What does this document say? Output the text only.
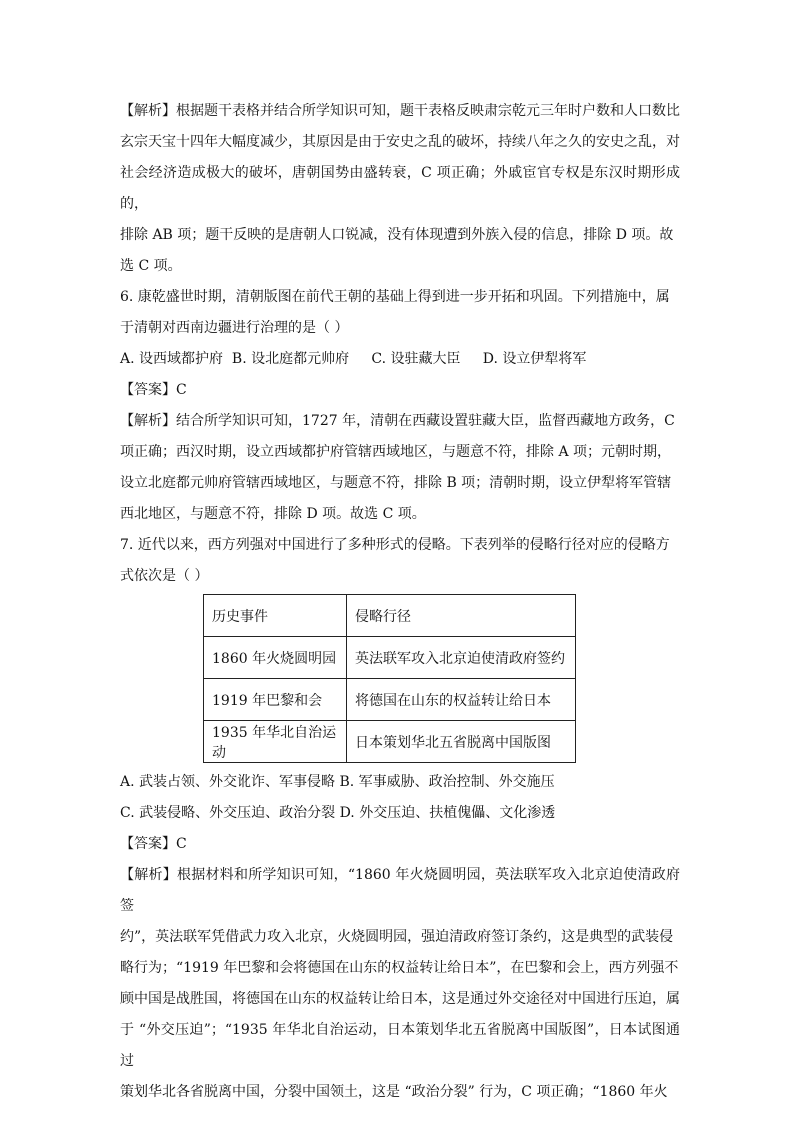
【解析】根据题干表格并结合所学知识可知，题干表格反映肃宗乾元三年时户数和人口数比

玄宗天宝十四年大幅度减少，其原因是由于安史之乱的破坏，持续八年之久的安史之乱，对

社会经济造成极大的破坏，唐朝国势由盛转衰，C 项正确；外戚宦官专权是东汉时期形成的，

排除 AB 项；题干反映的是唐朝人口锐减，没有体现遭到外族入侵的信息，排除 D 项。故

选 C 项。

6. 康乾盛世时期，清朝版图在前代王朝的基础上得到进一步开拓和巩固。下列措施中，属

于清朝对西南边疆进行治理的是（ ）

A. 设西域都护府  B. 设北庭都元帅府     C. 设驻藏大臣     D. 设立伊犁将军

【答案】C

【解析】结合所学知识可知，1727 年，清朝在西藏设置驻藏大臣，监督西藏地方政务，C

项正确；西汉时期，设立西域都护府管辖西域地区，与题意不符，排除 A 项；元朝时期，

设立北庭都元帅府管辖西域地区，与题意不符，排除 B 项；清朝时期，设立伊犁将军管辖

西北地区，与题意不符，排除 D 项。故选 C 项。

7. 近代以来，西方列强对中国进行了多种形式的侵略。下表列举的侵略行径对应的侵略方

式依次是（ ）

历史事件	侵略行径
1860 年火烧圆明园	英法联军攻入北京迫使清政府签约
1919 年巴黎和会	将德国在山东的权益转让给日本
1935 年华北自治运动	日本策划华北五省脱离中国版图

A. 武装占领、外交讹诈、军事侵略 B. 军事威胁、政治控制、外交施压

C. 武装侵略、外交压迫、政治分裂 D. 外交压迫、扶植傀儡、文化渗透

【答案】C

【解析】根据材料和所学知识可知，“1860 年火烧圆明园，英法联军攻入北京迫使清政府签

约”，英法联军凭借武力攻入北京，火烧圆明园，强迫清政府签订条约，这是典型的武装侵

略行为；“1919 年巴黎和会将德国在山东的权益转让给日本”，在巴黎和会上，西方列强不

顾中国是战胜国，将德国在山东的权益转让给日本，这是通过外交途径对中国进行压迫，属

于 “外交压迫”；“1935 年华北自治运动，日本策划华北五省脱离中国版图”，日本试图通过

策划华北各省脱离中国，分裂中国领土，这是 “政治分裂” 行为，C 项正确；“1860 年火
